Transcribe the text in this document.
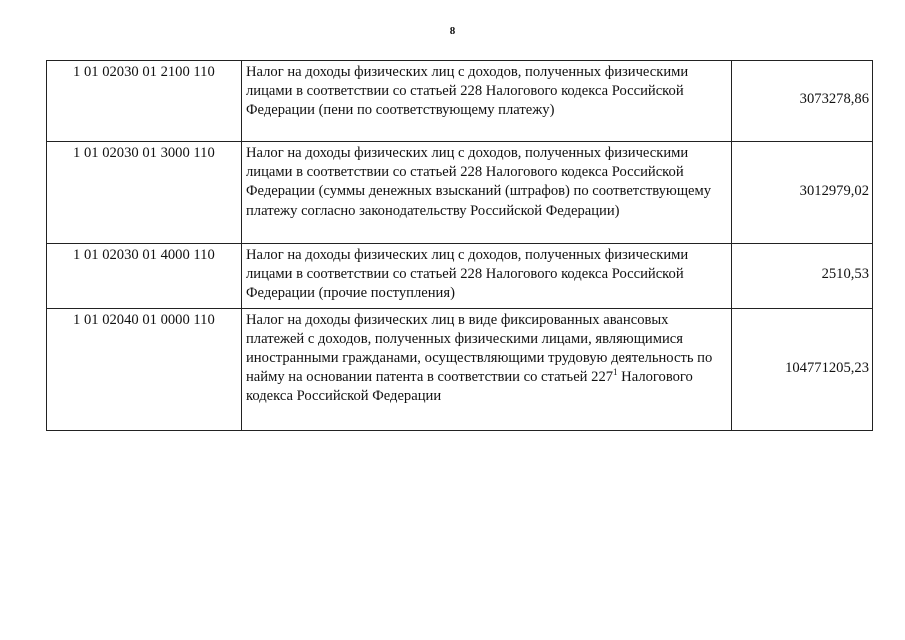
8
1 01 02030 01 2100 110	Налог на доходы физических лиц с доходов, полученных физическими лицами в соответствии со статьей 228 Налогового кодекса Российской Федерации (пени по соответствующему платежу)	3073278,86
1 01 02030 01 3000 110	Налог на доходы физических лиц с доходов, полученных физическими лицами в соответствии со статьей 228 Налогового кодекса Российской Федерации (суммы денежных взысканий (штрафов) по соответствующему платежу согласно законодательству Российской Федерации)	3012979,02
1 01 02030 01 4000 110	Налог на доходы физических лиц с доходов, полученных физическими лицами в соответствии со статьей 228 Налогового кодекса Российской Федерации (прочие поступления)	2510,53
1 01 02040 01 0000 110	Налог на доходы физических лиц в виде фиксированных авансовых платежей с доходов, полученных физическими лицами, являющимися иностранными гражданами, осуществляющими трудовую деятельность по найму на основании патента в соответствии со статьей 227$^1$ Налогового кодекса Российской Федерации	104771205,23
